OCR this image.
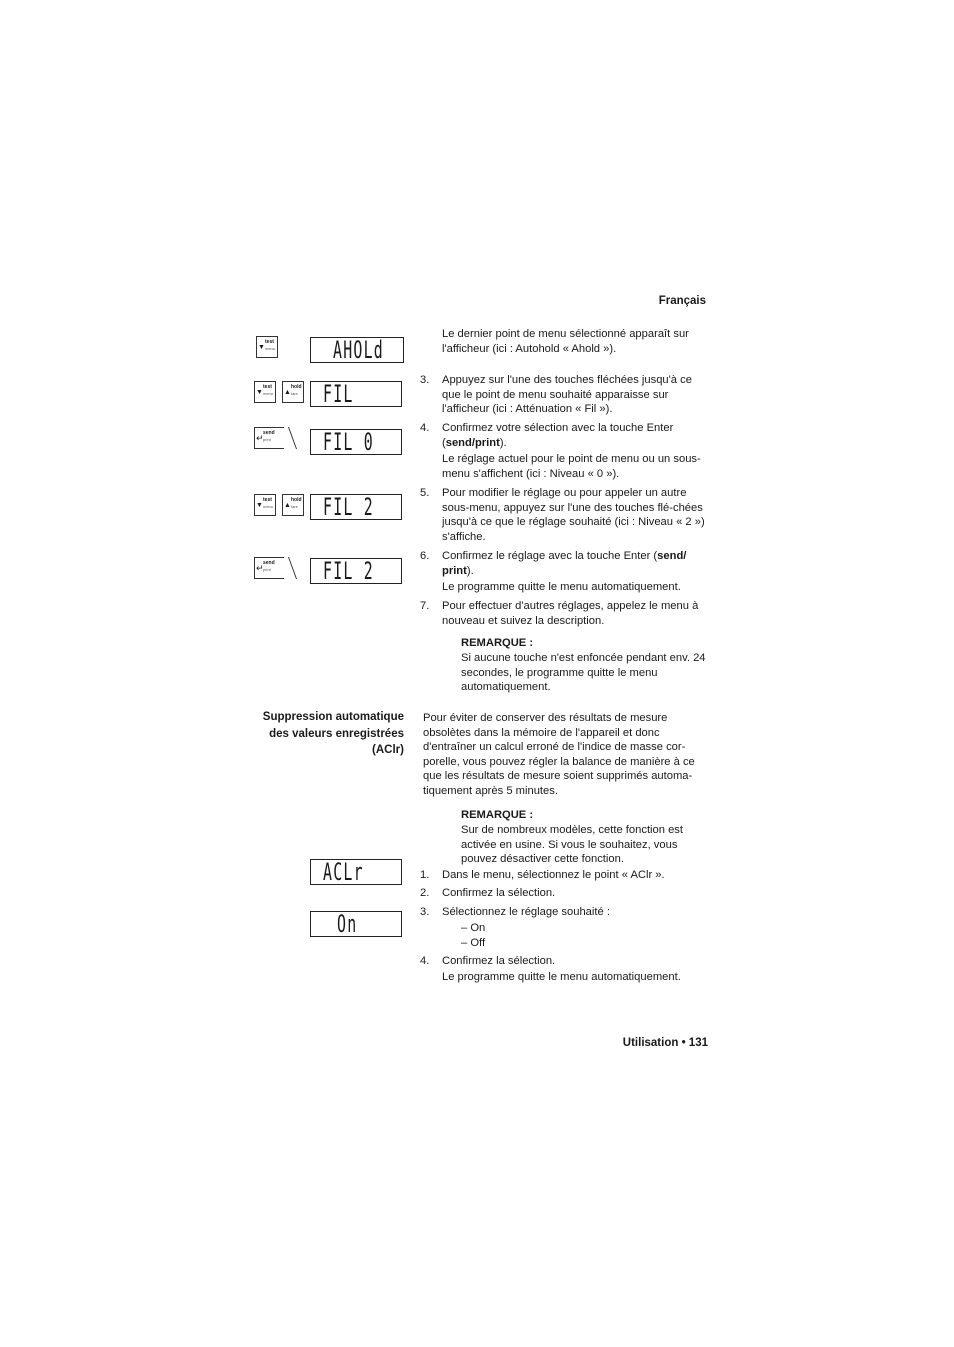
Français
▼
test
menu
▼
test
menu ▲
hold
tare
↵ send
print
▼
test
menu ▲
hold
tare
↵ send
print
AHOLd
FIL
FIL 0
FIL 2
FIL 2
ACLr
On
Le dernier point de menu sélectionné apparaît sur l'afficheur (ici : Autohold « Ahold »).
3. Appuyez sur l'une des touches fléchées jusqu'à ce que le point de menu souhaité apparaisse sur l'afficheur (ici : Atténuation « Fil »).
4. Confirmez votre sélection avec la touche Enter (send/print).
Le réglage actuel pour le point de menu ou un sous-menu s'affichent (ici : Niveau « 0 »).
5. Pour modifier le réglage ou pour appeler un autre sous-menu, appuyez sur l'une des touches flé-chées jusqu'à ce que le réglage souhaité (ici : Niveau « 2 ») s'affiche.
6. Confirmez le réglage avec la touche Enter (send/ print).
Le programme quitte le menu automatiquement.
7. Pour effectuer d'autres réglages, appelez le menu à nouveau et suivez la description.
REMARQUE :
Si aucune touche n'est enfoncée pendant env. 24 secondes, le programme quitte le menu automatiquement.
Suppression automatique des valeurs enregistrées (AClr)
Pour éviter de conserver des résultats de mesure obsolètes dans la mémoire de l'appareil et donc d'entraîner un calcul erroné de l'indice de masse cor-porelle, vous pouvez régler la balance de manière à ce que les résultats de mesure soient supprimés automa-tiquement après 5 minutes.
REMARQUE :
Sur de nombreux modèles, cette fonction est activée en usine. Si vous le souhaitez, vous pouvez désactiver cette fonction.
1. Dans le menu, sélectionnez le point « AClr ».
2. Confirmez la sélection.
3. Sélectionnez le réglage souhaité :
– On
– Off
4. Confirmez la sélection.
Le programme quitte le menu automatiquement.
Utilisation • 131
